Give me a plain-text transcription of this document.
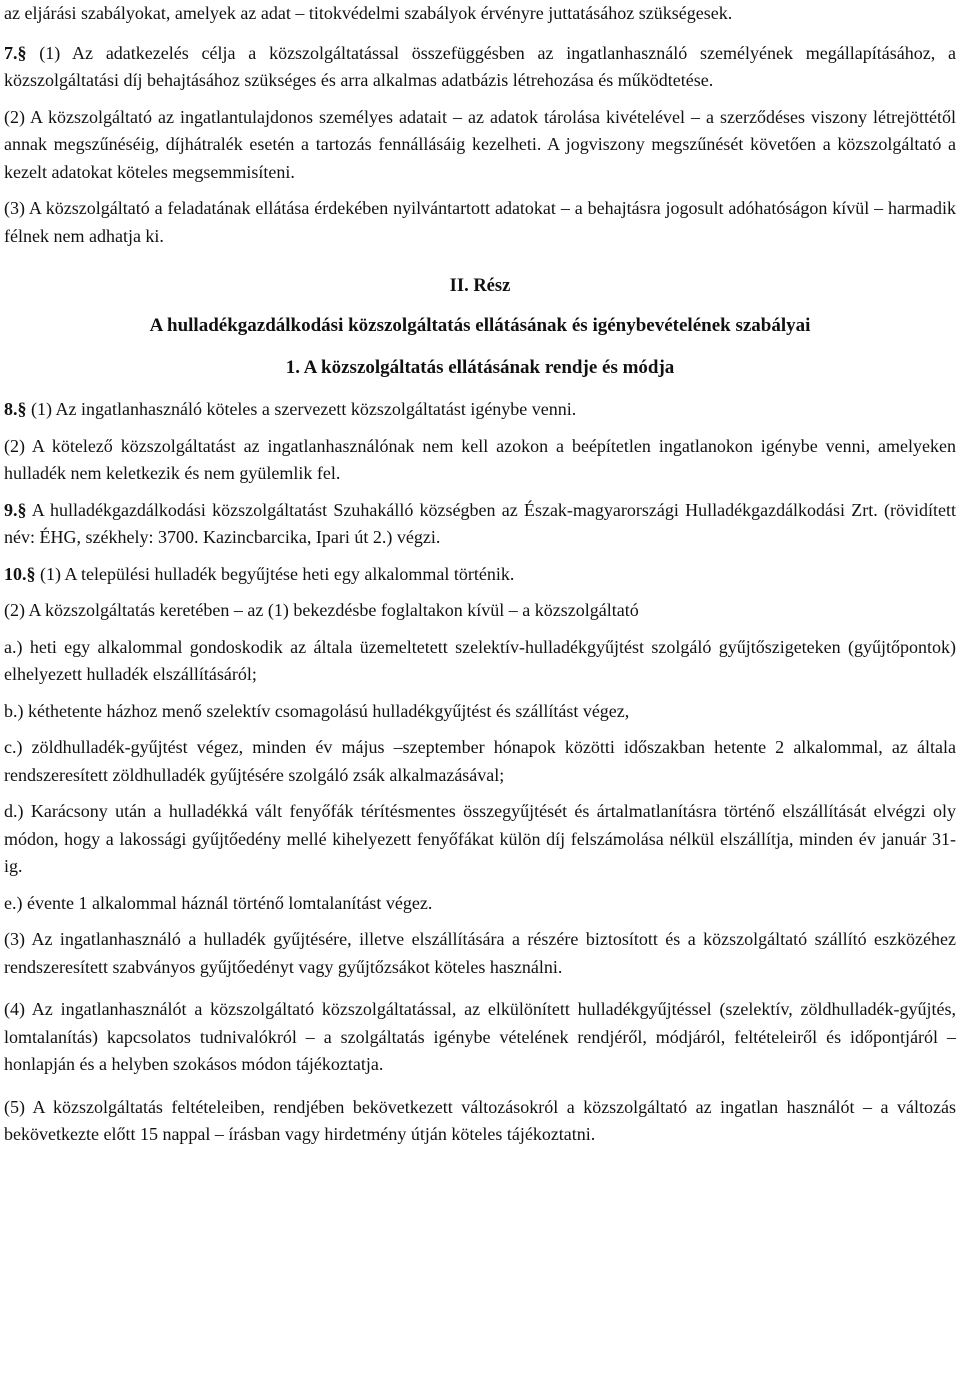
az eljárási szabályokat, amelyek az adat – titokvédelmi szabályok érvényre juttatásához szükségesek.

7.§ (1) Az adatkezelés célja a közszolgáltatással összefüggésben az ingatlanhasználó személyének megállapításához, a közszolgáltatási díj behajtásához szükséges és arra alkalmas adatbázis létrehozása és működtetése.

(2) A közszolgáltató az ingatlantulajdonos személyes adatait – az adatok tárolása kivételével – a szerződéses viszony létrejöttétől annak megszűnéséig, díjhátralék esetén a tartozás fennállásáig kezelheti. A jogviszony megszűnését követően a közszolgáltató a kezelt adatokat köteles megsemmisíteni.

(3) A közszolgáltató a feladatának ellátása érdekében nyilvántartott adatokat – a behajtásra jogosult adóhatóságon kívül – harmadik félnek nem adhatja ki.

II. Rész

A hulladékgazdálkodási közszolgáltatás ellátásának és igénybevételének szabályai

1. A közszolgáltatás ellátásának rendje és módja

8.§ (1) Az ingatlanhasználó köteles a szervezett közszolgáltatást igénybe venni.

(2) A kötelező közszolgáltatást az ingatlanhasználónak nem kell azokon a beépítetlen ingatlanokon igénybe venni, amelyeken hulladék nem keletkezik és nem gyülemlik fel.

9.§ A hulladékgazdálkodási közszolgáltatást Szuhakálló községben az Észak-magyarországi Hulladékgazdálkodási Zrt. (rövidített név: ÉHG, székhely: 3700. Kazincbarcika, Ipari út 2.) végzi.

10.§ (1) A települési hulladék begyűjtése heti egy alkalommal történik.

(2) A közszolgáltatás keretében – az (1) bekezdésbe foglaltakon kívül – a közszolgáltató

a.) heti egy alkalommal gondoskodik az általa üzemeltetett szelektív-hulladékgyűjtést szolgáló gyűjtőszigeteken (gyűjtőpontok) elhelyezett hulladék elszállításáról;

b.) kéthetente házhoz menő szelektív csomagolású hulladékgyűjtést és szállítást végez,

c.) zöldhulladék-gyűjtést végez, minden év május –szeptember hónapok közötti időszakban hetente 2 alkalommal, az általa rendszeresített zöldhulladék gyűjtésére szolgáló zsák alkalmazásával;

d.) Karácsony után a hulladékká vált fenyőfák térítésmentes összegyűjtését és ártalmatlanításra történő elszállítását elvégzi oly módon, hogy a lakossági gyűjtőedény mellé kihelyezett fenyőfákat külön díj felszámolása nélkül elszállítja, minden év január 31-ig.

e.) évente 1 alkalommal háznál történő lomtalanítást végez.

(3) Az ingatlanhasználó a hulladék gyűjtésére, illetve elszállítására a részére biztosított és a közszolgáltató szállító eszközéhez rendszeresített szabványos gyűjtőedényt vagy gyűjtőzsákot köteles használni.

(4) Az ingatlanhasználót a közszolgáltató közszolgáltatással, az elkülönített hulladékgyűjtéssel (szelektív, zöldhulladék-gyűjtés, lomtalanítás) kapcsolatos tudnivalókról – a szolgáltatás igénybe vételének rendjéről, módjáról, feltételeiről és időpontjáról – honlapján és a helyben szokásos módon tájékoztatja.

(5) A közszolgáltatás feltételeiben, rendjében bekövetkezett változásokról a közszolgáltató az ingatlan használót – a változás bekövetkezte előtt 15 nappal – írásban vagy hirdetmény útján köteles tájékoztatni.
